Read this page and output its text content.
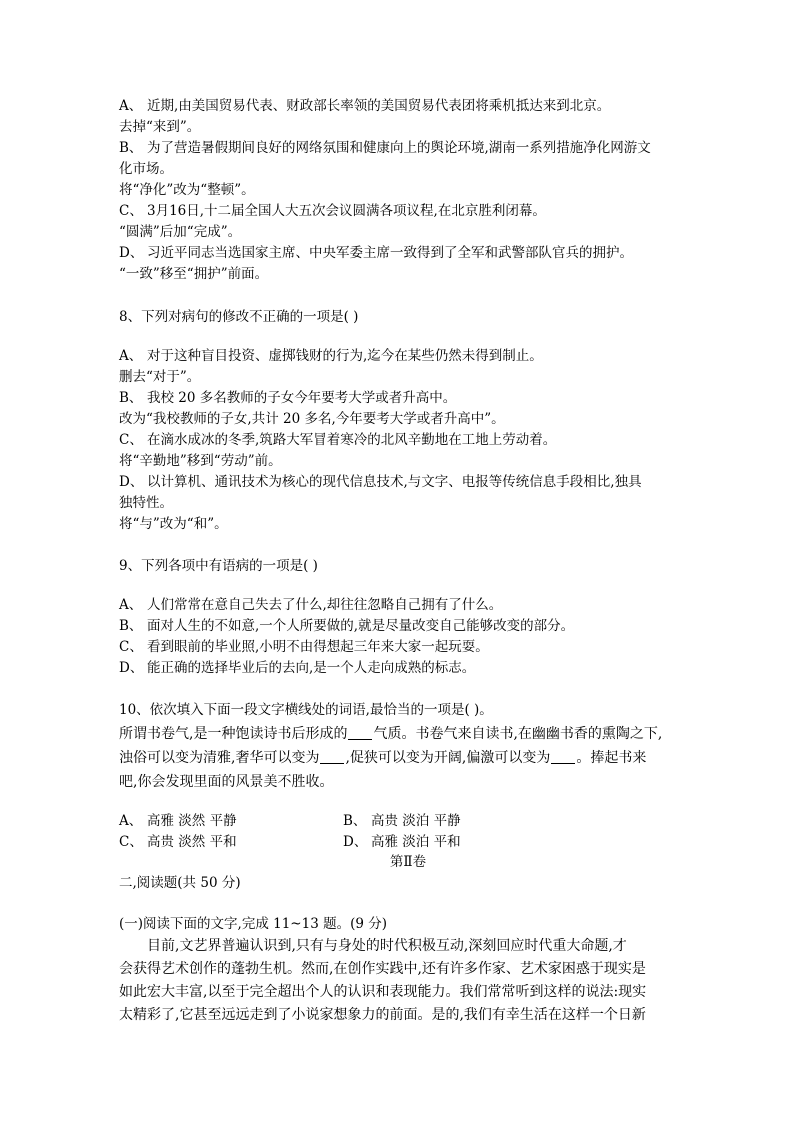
A、 近期,由美国贸易代表、财政部长率领的美国贸易代表团将乘机抵达来到北京。
去掉“来到”。
B、 为了营造暑假期间良好的网络氛围和健康向上的舆论环境,湖南一系列措施净化网游文
化市场。
将“净化”改为“整顿”。
C、 3月16日,十二届全国人大五次会议圆满各项议程,在北京胜利闭幕。
“圆满”后加“完成”。
D、 习近平同志当选国家主席、中央军委主席一致得到了全军和武警部队官兵的拥护。
“一致”移至“拥护”前面。
8、下列对病句的修改不正确的一项是( )
A、 对于这种盲目投资、虚掷钱财的行为,迄今在某些仍然未得到制止。
删去“对于”。
B、 我校 20 多名教师的子女今年要考大学或者升高中。
改为“我校教师的子女,共计 20 多名,今年要考大学或者升高中”。
C、 在滴水成冰的冬季,筑路大军冒着寒冷的北风辛勤地在工地上劳动着。
将“辛勤地”移到“劳动”前。
D、 以计算机、通讯技术为核心的现代信息技术,与文字、电报等传统信息手段相比,独具
独特性。
将“与”改为“和”。
9、下列各项中有语病的一项是( )
A、 人们常常在意自己失去了什么,却往往忽略自己拥有了什么。
B、 面对人生的不如意,一个人所要做的,就是尽量改变自己能够改变的部分。
C、 看到眼前的毕业照,小明不由得想起三年来大家一起玩耍。
D、 能正确的选择毕业后的去向,是一个人走向成熟的标志。
10、依次填入下面一段文字横线处的词语,最恰当的一项是( )。
所谓书卷气,是一种饱读诗书后形成的 气质。书卷气来自读书,在幽幽书香的熏陶之下,
浊俗可以变为清雅,奢华可以变为 ,促狭可以变为开阔,偏激可以变为 。捧起书来
吧,你会发现里面的风景美不胜收。
A、 高雅 淡然 平静	B、 高贵 淡泊 平静
C、 高贵 淡然 平和	D、 高雅 淡泊 平和
第Ⅱ卷
二,阅读题(共 50 分)
(一)阅读下面的文字,完成 11~13 题。(9 分)
目前,文艺界普遍认识到,只有与身处的时代积极互动,深刻回应时代重大命题,才
会获得艺术创作的蓬勃生机。然而,在创作实践中,还有许多作家、艺术家困惑于现实是
如此宏大丰富,以至于完全超出个人的认识和表现能力。我们常常听到这样的说法:现实
太精彩了,它甚至远远走到了小说家想象力的前面。是的,我们有幸生活在这样一个日新
